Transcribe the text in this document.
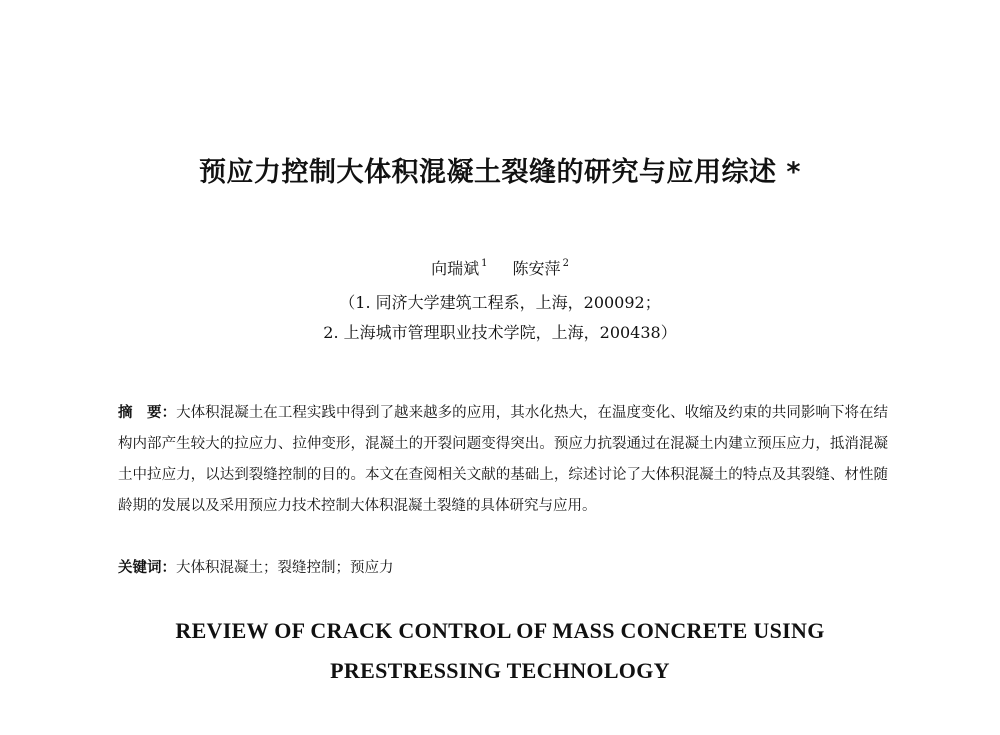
预应力控制大体积混凝土裂缝的研究与应用综述 *
向瑞斌 $^1$ 陈安萍 $^2$
（1. 同济大学建筑工程系，上海，200092；
2. 上海城市管理职业技术学院，上海，200438）
摘　要：大体积混凝土在工程实践中得到了越来越多的应用，其水化热大，在温度变化、收缩及约束的共同影响下将在结构内部产生较大的拉应力、拉伸变形，混凝土的开裂问题变得突出。预应力抗裂通过在混凝土内建立预压应力，抵消混凝土中拉应力，以达到裂缝控制的目的。本文在查阅相关文献的基础上，综述讨论了大体积混凝土的特点及其裂缝、材性随龄期的发展以及采用预应力技术控制大体积混凝土裂缝的具体研究与应用。
关键词：大体积混凝土；裂缝控制；预应力
REVIEW OF CRACK CONTROL OF MASS CONCRETE USING
PRESTRESSING TECHNOLOGY
